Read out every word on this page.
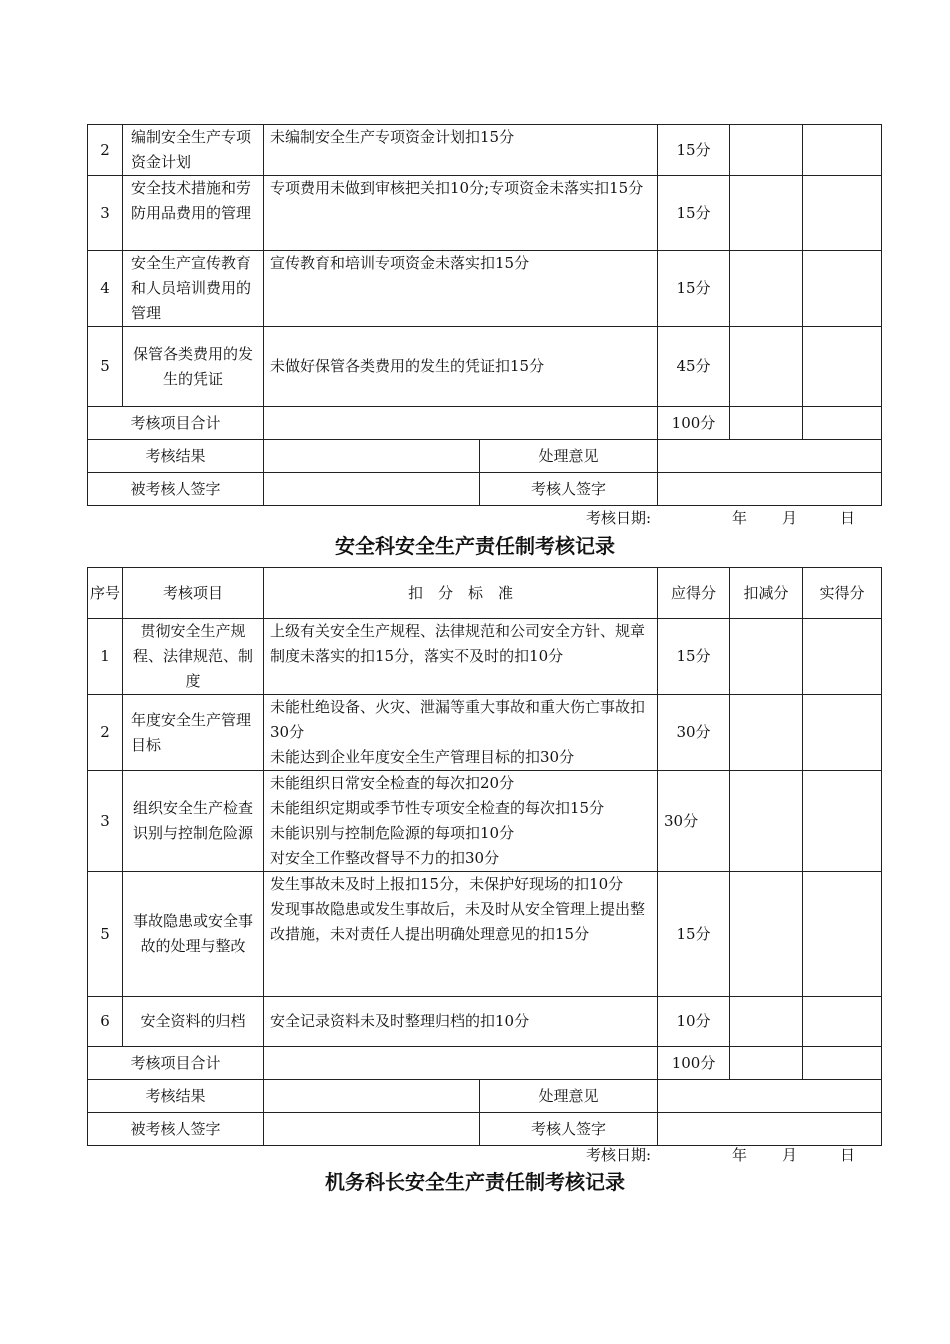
2	编制安全生产专项资金计划	未编制安全生产专项资金计划扣15分		15分		
3	安全技术措施和劳防用品费用的管理	专项费用未做到审核把关扣10分;专项资金未落实扣15分		15分		
4	安全生产宣传教育和人员培训费用的管理	宣传教育和培训专项资金未落实扣15分		15分		
5	保管各类费用的发生的凭证	未做好保管各类费用的发生的凭证扣15分		45分		
考核项目合计				100分		
考核结果			处理意见			
被考核人签字			考核人签字			
考核日期:	年 月	日
安全科安全生产责任制考核记录
序号	考核项目	扣　分　标　准		应得分	扣减分	实得分
1	贯彻安全生产规程、法律规范、制度	上级有关安全生产规程、法律规范和公司安全方针、规章制度未落实的扣15分，落实不及时的扣10分		15分		
2	年度安全生产管理目标	未能杜绝设备、火灾、泄漏等重大事故和重大伤亡事故扣30分
未能达到企业年度安全生产管理目标的扣30分		30分		
3	组织安全生产检查识别与控制危险源	未能组织日常安全检查的每次扣20分
未能组织定期或季节性专项安全检查的每次扣15分
未能识别与控制危险源的每项扣10分
对安全工作整改督导不力的扣30分		30分		
5	事故隐患或安全事故的处理与整改	发生事故未及时上报扣15分，未保护好现场的扣10分
发现事故隐患或发生事故后，未及时从安全管理上提出整改措施，未对责任人提出明确处理意见的扣15分		15分		
6	安全资料的归档	安全记录资料未及时整理归档的扣10分		10分		
考核项目合计				100分		
考核结果			处理意见			
被考核人签字			考核人签字			
考核日期:	年 月	日
机务科长安全生产责任制考核记录
